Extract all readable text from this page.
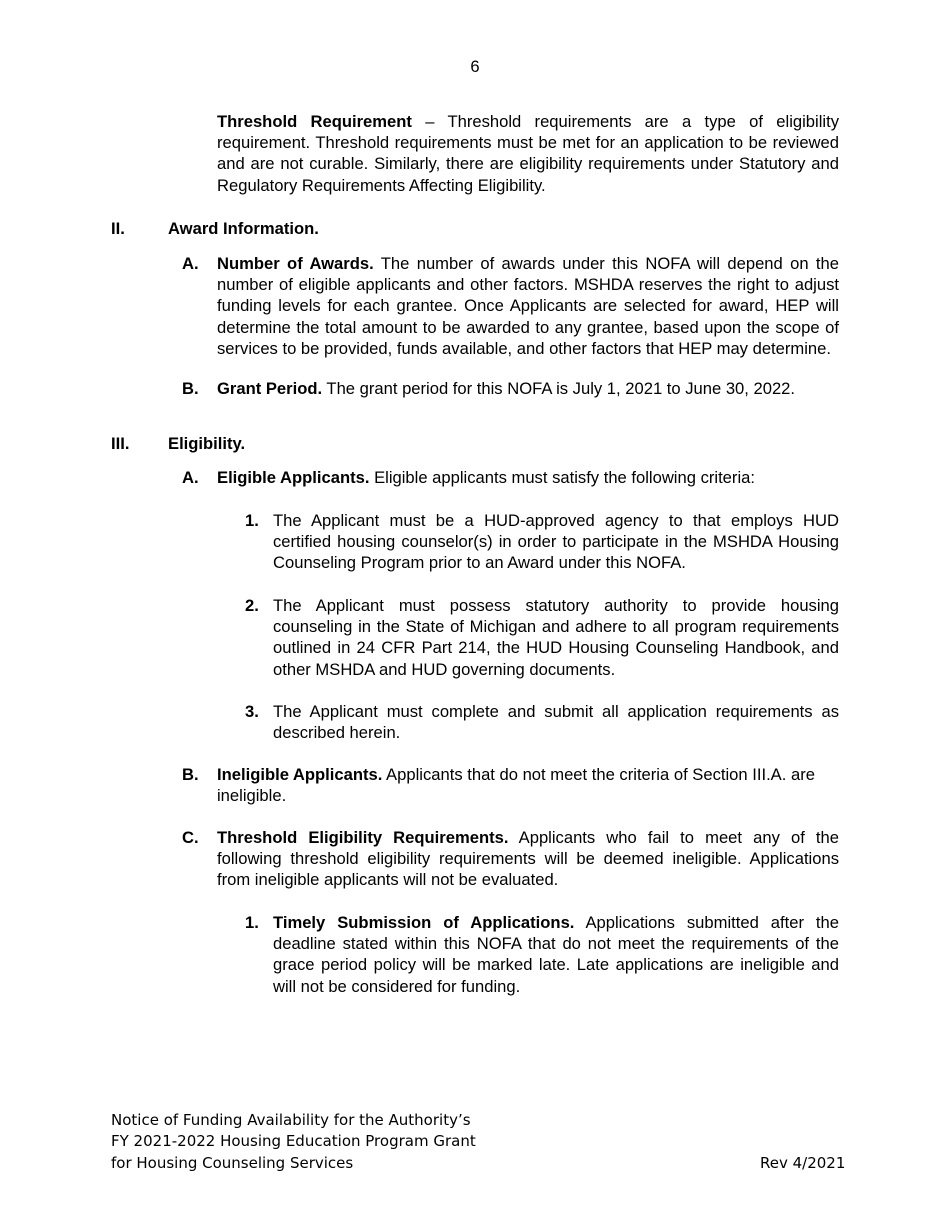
6
Threshold Requirement – Threshold requirements are a type of eligibility requirement. Threshold requirements must be met for an application to be reviewed and are not curable. Similarly, there are eligibility requirements under Statutory and Regulatory Requirements Affecting Eligibility.
II.	Award Information.
A. Number of Awards. The number of awards under this NOFA will depend on the number of eligible applicants and other factors. MSHDA reserves the right to adjust funding levels for each grantee. Once Applicants are selected for award, HEP will determine the total amount to be awarded to any grantee, based upon the scope of services to be provided, funds available, and other factors that HEP may determine.
B. Grant Period. The grant period for this NOFA is July 1, 2021 to June 30, 2022.
III. Eligibility.
A. Eligible Applicants. Eligible applicants must satisfy the following criteria:
1. The Applicant must be a HUD-approved agency to that employs HUD certified housing counselor(s) in order to participate in the MSHDA Housing Counseling Program prior to an Award under this NOFA.
2. The Applicant must possess statutory authority to provide housing counseling in the State of Michigan and adhere to all program requirements outlined in 24 CFR Part 214, the HUD Housing Counseling Handbook, and other MSHDA and HUD governing documents.
3. The Applicant must complete and submit all application requirements as described herein.
B. Ineligible Applicants. Applicants that do not meet the criteria of Section III.A. are ineligible.
C. Threshold Eligibility Requirements. Applicants who fail to meet any of the following threshold eligibility requirements will be deemed ineligible. Applications from ineligible applicants will not be evaluated.
1. Timely Submission of Applications. Applications submitted after the deadline stated within this NOFA that do not meet the requirements of the grace period policy will be marked late. Late applications are ineligible and will not be considered for funding.
Notice of Funding Availability for the Authority’s
FY 2021-2022 Housing Education Program Grant
for Housing Counseling Services	Rev 4/2021
